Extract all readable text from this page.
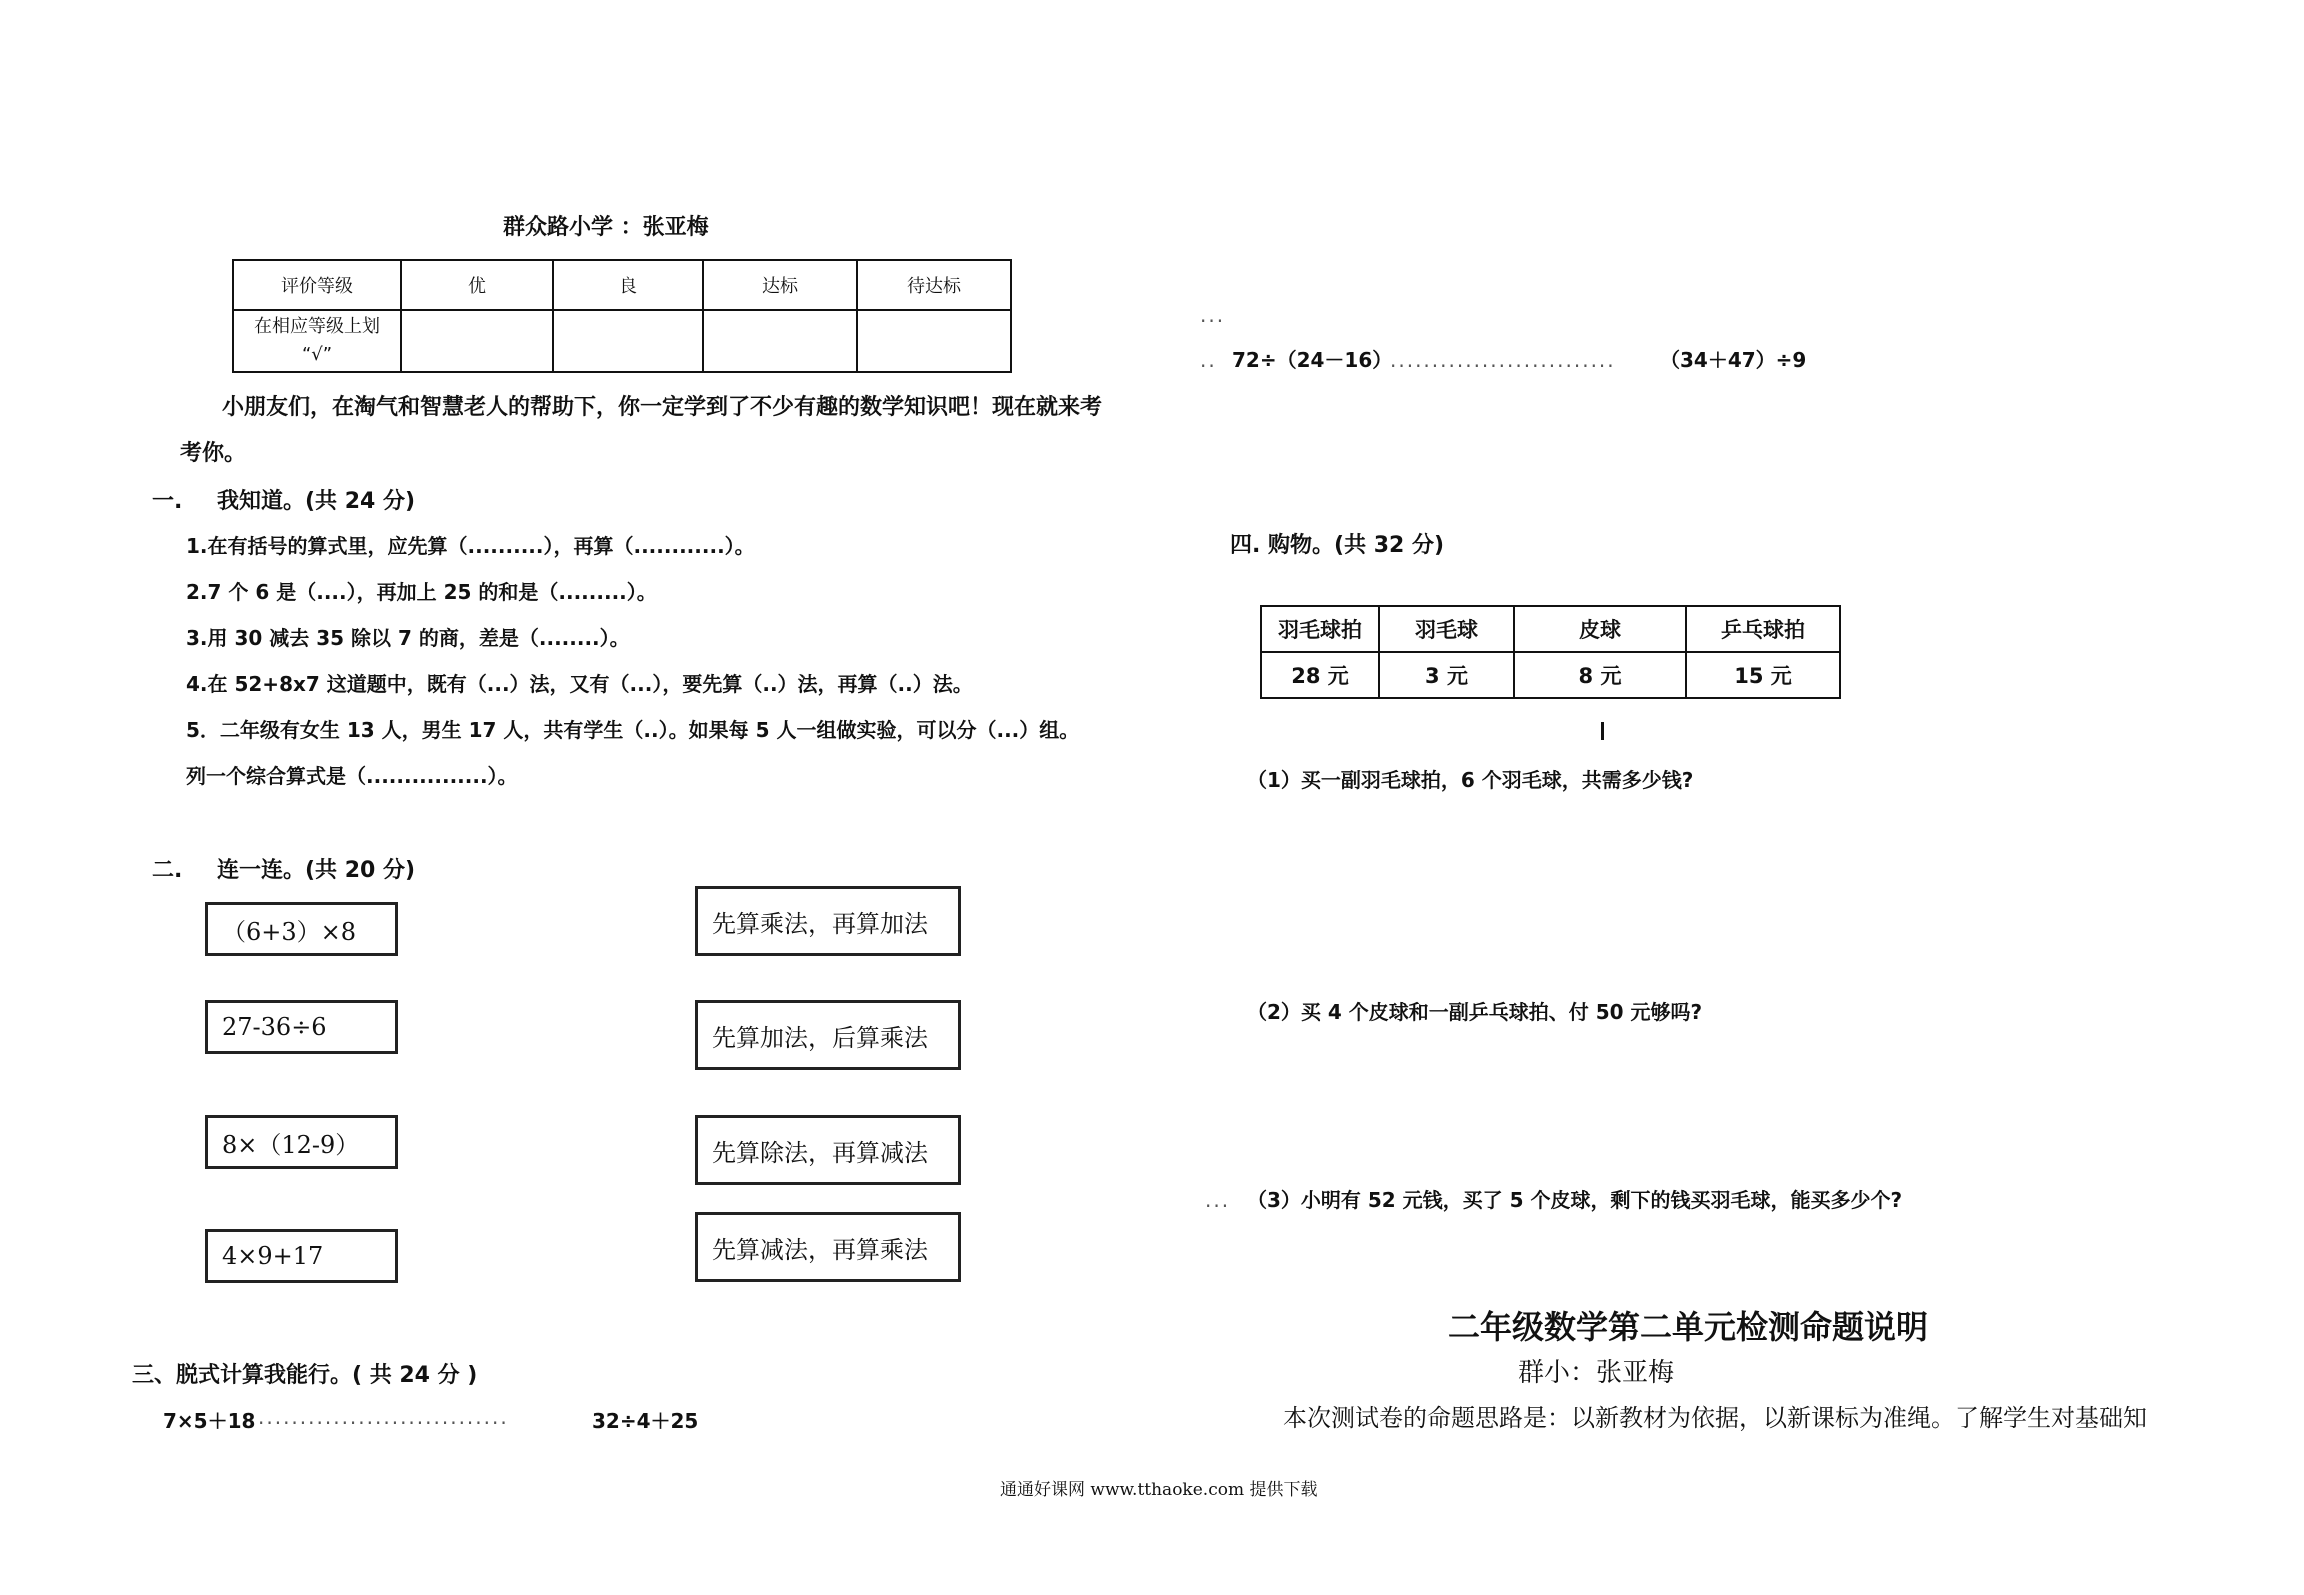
群众路小学 ：张亚梅
评价等级	优	良	达标	待达标

在相应等级上划
“√”				

小朋友们，在淘气和智慧老人的帮助下，你一定学到了不少有趣的数学知识吧！现在就来考
考你。
一. 我知道。(共 24 分)
1.在有括号的算式里，应先算（..........），再算（............）。
2.7 个 6 是（....），再加上 25 的和是（.........）。
3.用 30 减去 35 除以 7 的商，差是（........）。
4.在 52+8x7 这道题中，既有（...）法，又有（...），要先算（..）法，再算（..）法。
5．二年级有女生 13 人，男生 17 人，共有学生（..）。如果每 5 人一组做实验，可以分（...）组。
列一个综合算式是（................）。
二. 连一连。(共 20 分)
（6+3）×8
27-36÷6
8×（12-9）
4×9+17
先算乘法，再算加法
先算加法，后算乘法
先算除法，再算减法
先算减法，再算乘法
三、脱式计算我能行。( 共 24 分 )
7×5＋18 ..............................	32÷4＋25
...
.. 72÷（24－16）
........................... （34＋47）÷9
四. 购物。(共 32 分)
羽毛球拍	羽毛球	皮球	乒乓球拍
28 元	3 元	8 元	15 元
（1）买一副羽毛球拍，6 个羽毛球，共需多少钱?
（2）买 4 个皮球和一副乒乓球拍、付 50 元够吗?
... （3）小明有 52 元钱，买了 5 个皮球，剩下的钱买羽毛球，能买多少个?
二年级数学第二单元检测命题说明
群小：张亚梅
本次测试卷的命题思路是：以新教材为依据，以新课标为准绳。了解学生对基础知
通通好课网 www.tthaoke.com 提供下载
